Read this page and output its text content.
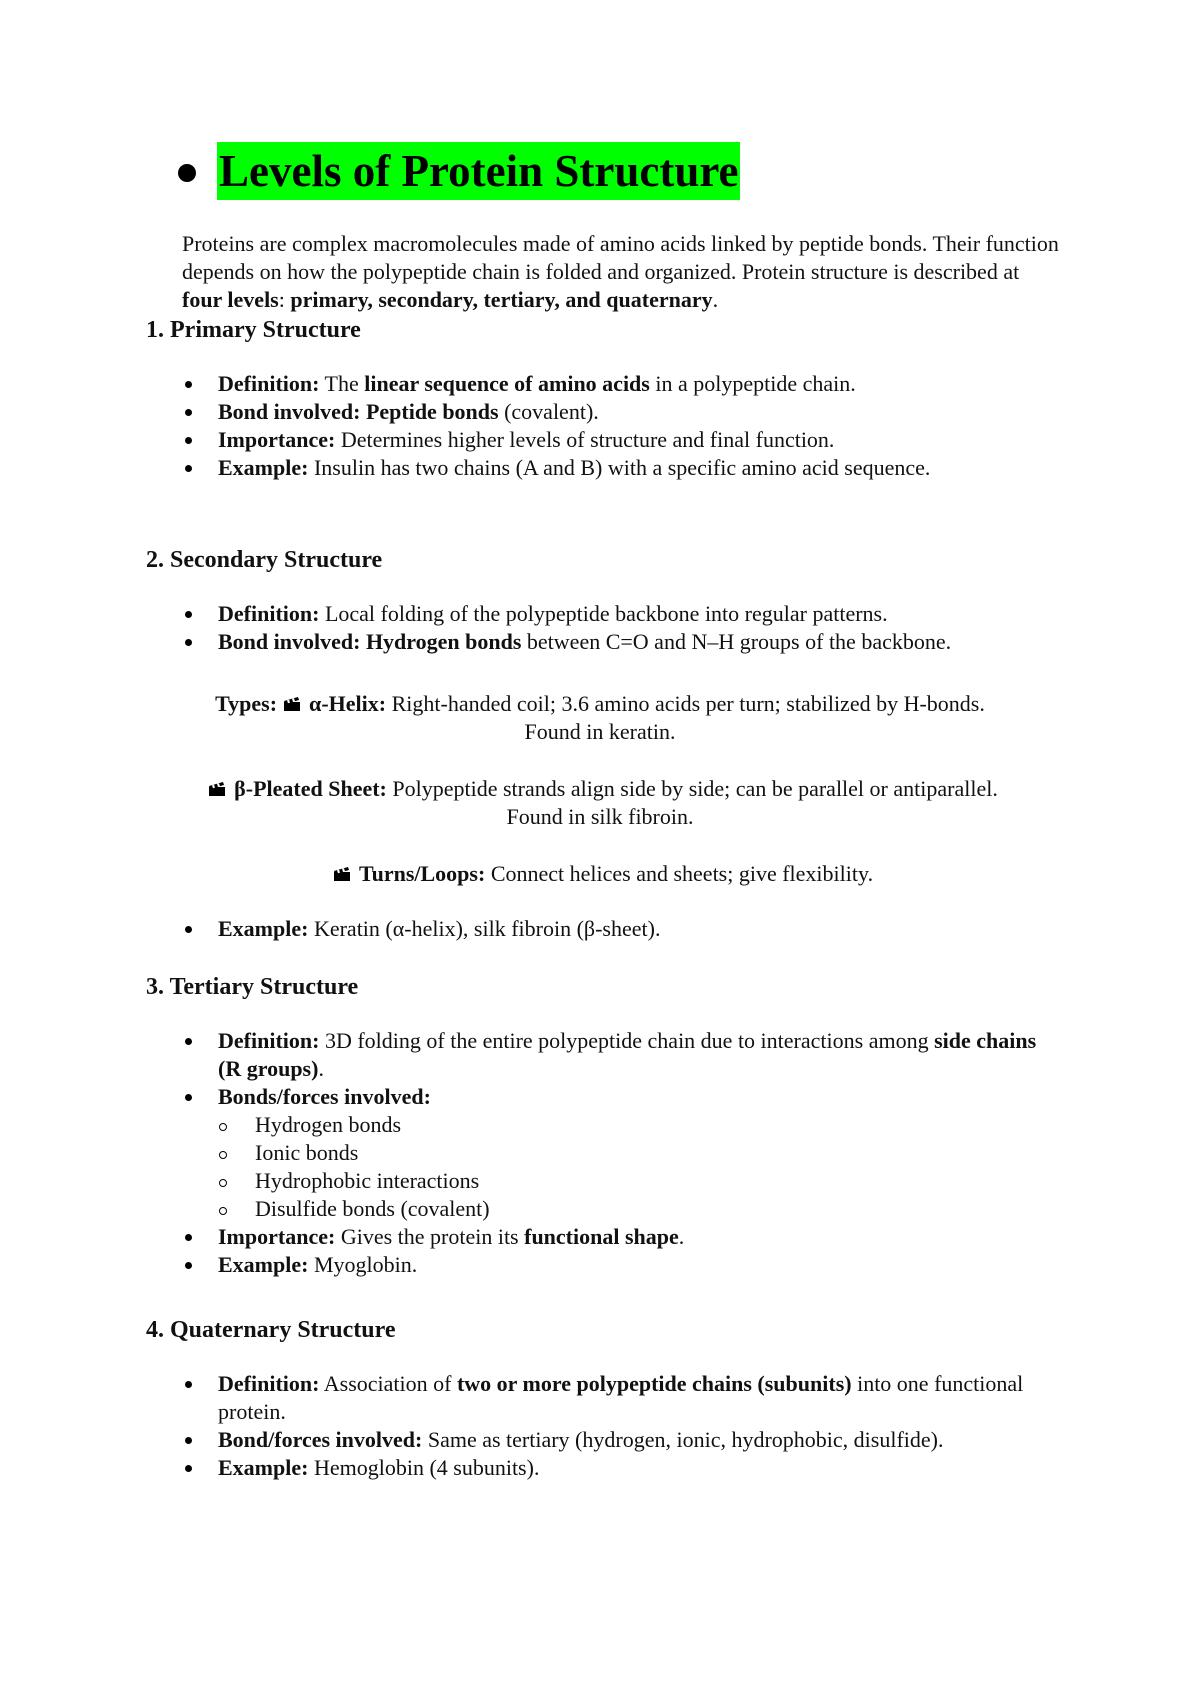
Levels of Protein Structure

Proteins are complex macromolecules made of amino acids linked by peptide bonds. Their function depends on how the polypeptide chain is folded and organized. Protein structure is described at four levels: primary, secondary, tertiary, and quaternary.

1. Primary Structure
Definition: The linear sequence of amino acids in a polypeptide chain.
Bond involved: Peptide bonds (covalent).
Importance: Determines higher levels of structure and final function.
Example: Insulin has two chains (A and B) with a specific amino acid sequence.
2. Secondary Structure
Definition: Local folding of the polypeptide backbone into regular patterns.
Bond involved: Hydrogen bonds between C=O and N–H groups of the backbone.

Types: α-Helix: Right-handed coil; 3.6 amino acids per turn; stabilized by H-bonds.
Found in keratin.

β-Pleated Sheet: Polypeptide strands align side by side; can be parallel or antiparallel.
Found in silk fibroin.

Turns/Loops: Connect helices and sheets; give flexibility.

Example: Keratin (α-helix), silk fibroin (β-sheet).
3. Tertiary Structure
Definition: 3D folding of the entire polypeptide chain due to interactions among side chains (R groups).
Bonds/forces involved:
Hydrogen bonds
Ionic bonds
Hydrophobic interactions
Disulfide bonds (covalent)
Importance: Gives the protein its functional shape.
Example: Myoglobin.
4. Quaternary Structure
Definition: Association of two or more polypeptide chains (subunits) into one functional protein.
Bond/forces involved: Same as tertiary (hydrogen, ionic, hydrophobic, disulfide).
Example: Hemoglobin (4 subunits).
